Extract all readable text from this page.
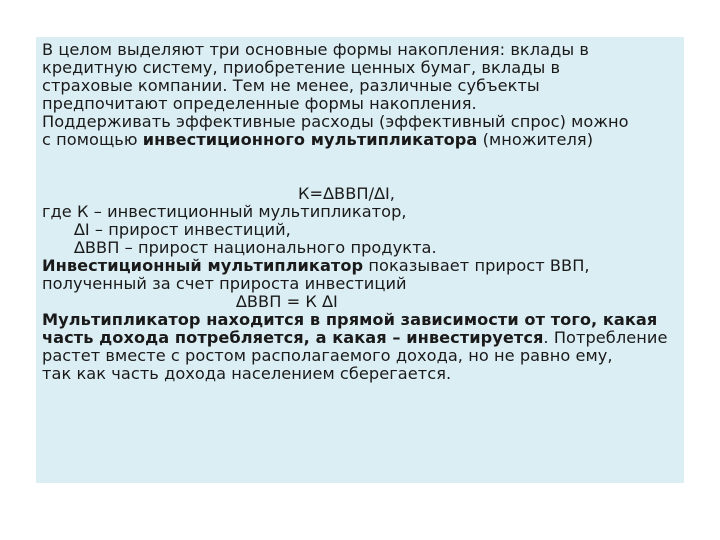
В целом выделяют три основные формы накопления: вклады в
кредитную систему, приобретение ценных бумаг, вклады в
страховые компании. Тем не менее, различные субъекты
предпочитают определенные формы накопления.

Поддерживать эффективные расходы (эффективный спрос) можно
с помощью инвестиционного мультипликатора (множителя)

К=∆ВВП/∆I,

где К – инвестиционный мультипликатор,

∆I – прирост инвестиций,

∆ВВП – прирост национального продукта.

Инвестиционный мультипликатор показывает прирост ВВП,
полученный за счет прироста инвестиций

∆ВВП = К ∆I

Мультипликатор находится в прямой зависимости от того, какая
часть дохода потребляется, а какая – инвестируется. Потребление
растет вместе с ростом располагаемого дохода, но не равно ему,
так как часть дохода населением сберегается.
